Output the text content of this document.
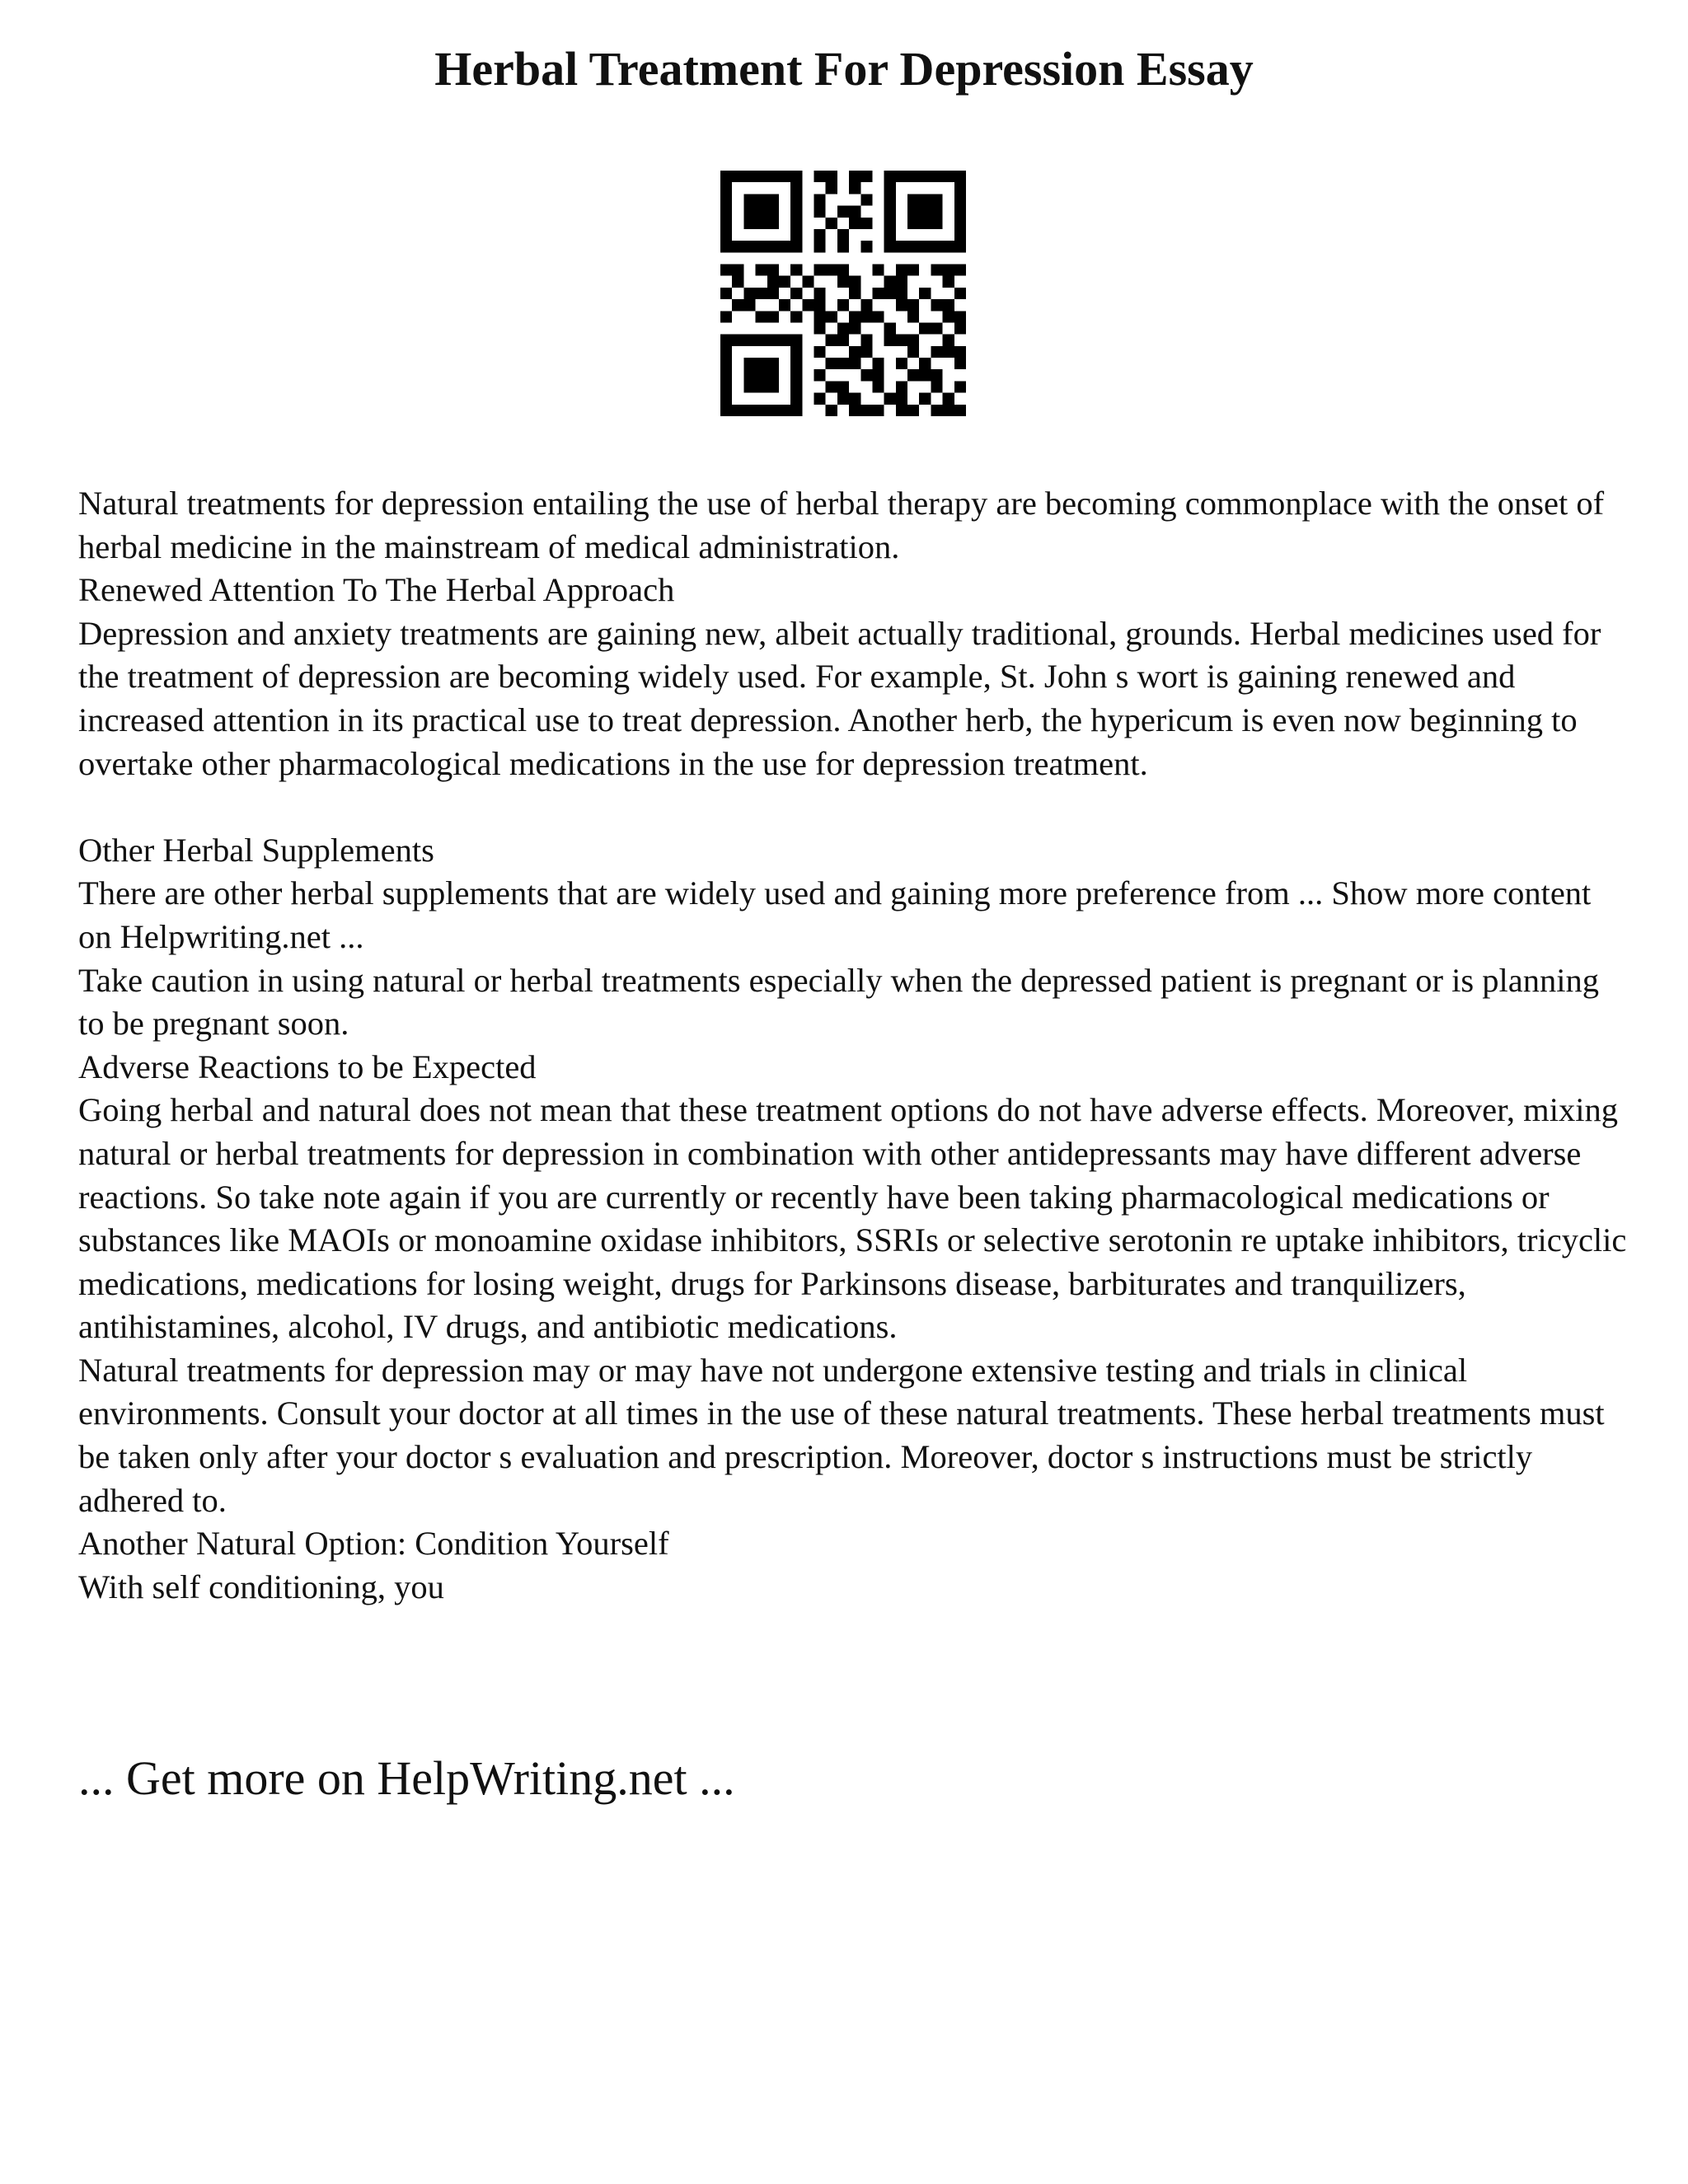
Herbal Treatment For Depression Essay

Natural treatments for depression entailing the use of herbal therapy are becoming commonplace with the onset of herbal medicine in the mainstream of medical administration.

Renewed Attention To The Herbal Approach

Depression and anxiety treatments are gaining new, albeit actually traditional, grounds. Herbal medicines used for the treatment of depression are becoming widely used. For example, St. John s wort is gaining renewed and increased attention in its practical use to treat depression. Another herb, the hypericum is even now beginning to overtake other pharmacological medications in the use for depression treatment.

Other Herbal Supplements

There are other herbal supplements that are widely used and gaining more preference from ... Show more content on Helpwriting.net ...

Take caution in using natural or herbal treatments especially when the depressed patient is pregnant or is planning to be pregnant soon.

Adverse Reactions to be Expected

Going herbal and natural does not mean that these treatment options do not have adverse effects. Moreover, mixing natural or herbal treatments for depression in combination with other antidepressants may have different adverse reactions. So take note again if you are currently or recently have been taking pharmacological medications or substances like MAOIs or monoamine oxidase inhibitors, SSRIs or selective serotonin re uptake inhibitors, tricyclic medications, medications for losing weight, drugs for Parkinsons disease, barbiturates and tranquilizers, antihistamines, alcohol, IV drugs, and antibiotic medications.

Natural treatments for depression may or may have not undergone extensive testing and trials in clinical environments. Consult your doctor at all times in the use of these natural treatments. These herbal treatments must be taken only after your doctor s evaluation and prescription. Moreover, doctor s instructions must be strictly adhered to.

Another Natural Option: Condition Yourself

With self conditioning, you

... Get more on HelpWriting.net ...
